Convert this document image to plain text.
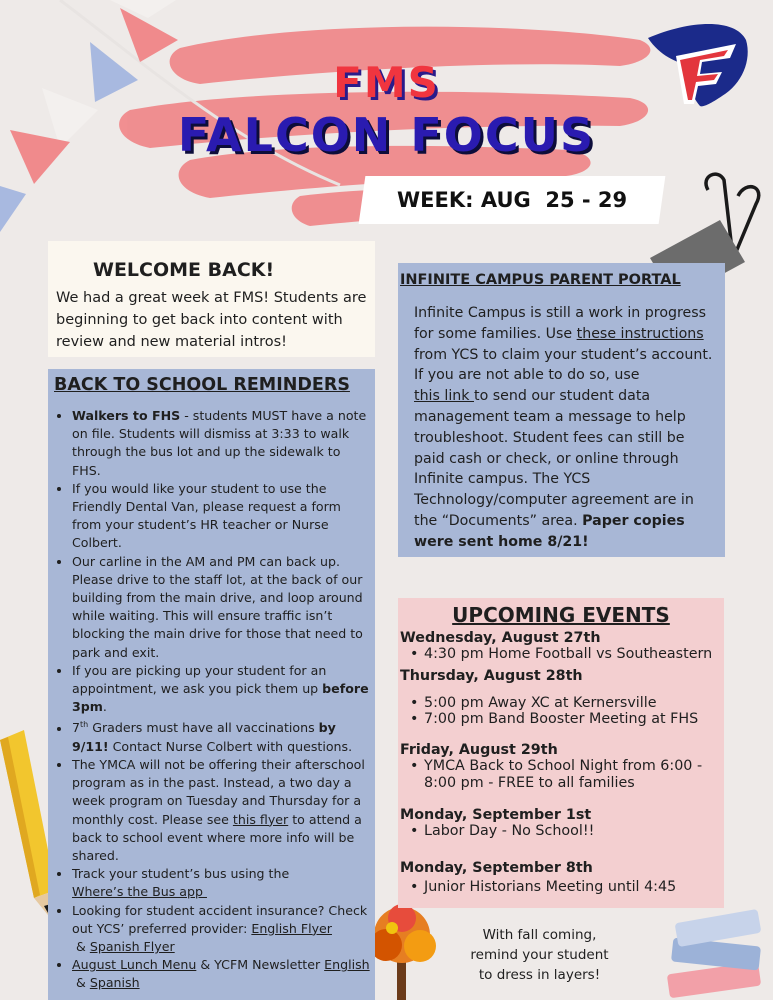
FMS
FALCON FOCUS
WEEK: AUG  25 - 29
WELCOME BACK!

We had a great week at FMS! Students are beginning to get back into content with review and new material intros!

BACK TO SCHOOL REMINDERS
• Walkers to FHS - students MUST have a note on file. Students will dismiss at 3:33 to walk through the bus lot and up the sidewalk to FHS.
• If you would like your student to use the Friendly Dental Van, please request a form from your student’s HR teacher or Nurse Colbert.
• Our carline in the AM and PM can back up. Please drive to the staff lot, at the back of our building from the main drive, and loop around while waiting. This will ensure traffic isn’t blocking the main drive for those that need to park and exit.
• If you are picking up your student for an appointment, we ask you pick them up before 3pm.
• 7th Graders must have all vaccinations by 9/11! Contact Nurse Colbert with questions.
• The YMCA will not be offering their afterschool program as in the past. Instead, a two day a week program on Tuesday and Thursday for a monthly cost. Please see this flyer to attend a back to school event where more info will be shared.
• Track your student’s bus using the Where’s the Bus app
• Looking for student accident insurance? Check out YCS’ preferred provider: English Flyer & Spanish Flyer
• August Lunch Menu & YCFM Newsletter English & Spanish
INFINITE CAMPUS PARENT PORTAL

Infinite Campus is still a work in progress for some families. Use these instructions from YCS to claim your student’s account. If you are not able to do so, use this link to send our student data management team a message to help troubleshoot. Student fees can still be paid cash or check, or online through Infinite campus. The YCS Technology/computer agreement are in the “Documents” area. Paper copies were sent home 8/21!

UPCOMING EVENTS
Wednesday, August 27th
• 4:30 pm Home Football vs Southeastern
Thursday, August 28th
• 5:00 pm Away XC at Kernersville
• 7:00 pm Band Booster Meeting at FHS
Friday, August 29th
• YMCA Back to School Night from 6:00 - 8:00 pm - FREE to all families
Monday, September 1st
• Labor Day - No School!!
Monday, September 8th
• Junior Historians Meeting until 4:45
With fall coming,
remind your student
to dress in layers!
